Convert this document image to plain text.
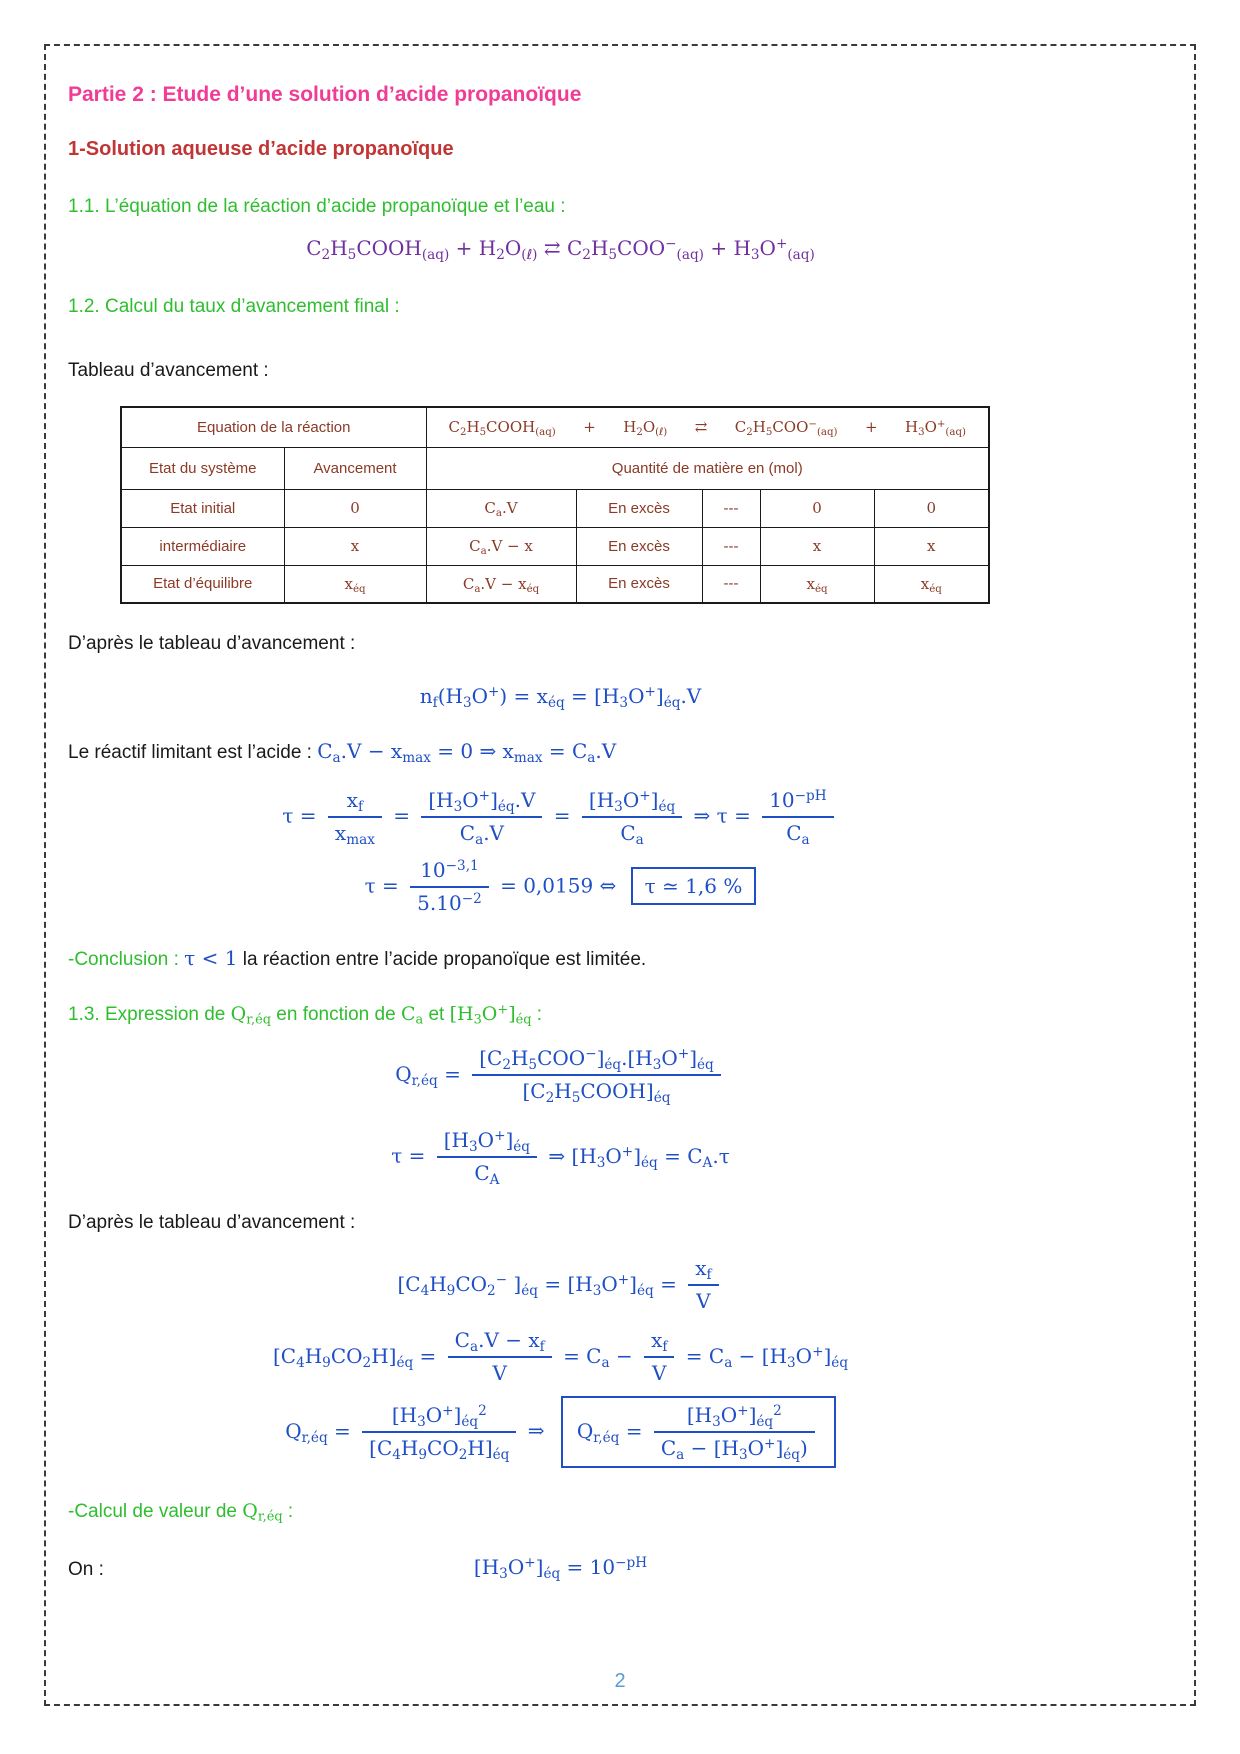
Partie 2 : Etude d’une solution d’acide propanoïque
1-Solution aqueuse d’acide propanoïque
1.1. L’équation de la réaction d’acide propanoïque et l’eau :
$C_2H_5COOH_{(aq)} + H_2O_{(\ell)}$ ⇄ $C_2H_5COO^-_{(aq)} + H_3O^+_{(aq)}$
1.2. Calcul du taux d’avancement final :
Tableau d’avancement :
Equation de la réaction	$C_2H_5COOH_{(aq)} + H_2O_{(\ell)}$ ⇄ $C_2H_5COO^-_{(aq)} + H_3O^+_{(aq)}$

Etat du système	Avancement	Quantité de matière en (mol)				
Etat initial	0	$C_a.V$	En excès	---	0	0
intermédiaire	x	$C_a.V - x$	En excès	---	x	x
Etat d’équilibre	$x_{éq}$	$C_a.V - x_{éq}$	En excès	---	$x_{éq}$	$x_{éq}$
D’après le tableau d’avancement :
$n_f(H_3O^+) = x_{éq} = [H_3O^+]_{éq}.V$
Le réactif limitant est l’acide : $C_a.V - x_{max} = 0$ ⇒ $x_{max} = C_a.V$
$\tau = \frac{x_f}{x_{max}} = \frac{[H_3O^+]_{éq}.V}{C_a.V} = \frac{[H_3O^+]_{éq}}{C_a}$ ⇒ $\tau = \frac{10^{-pH}}{C_a}$
$\tau = \frac{10^{-3,1}}{5.10^{-2}} = 0,0159$ ⇔ τ ≃ 1,6 %
-Conclusion : τ < 1 la réaction entre l’acide propanoïque est limitée.
1.3. Expression de $Q_{r,éq}$ en fonction de $C_a$ et $[H_3O^+]_{éq}$ :
$Q_{r,éq} = \frac{[C_2H_5COO^-]_{éq}.[H_3O^+]_{éq}}{[C_2H_5COOH]_{éq}}$
$\tau = \frac{[H_3O^+]_{éq}}{C_A}$ ⇒ $[H_3O^+]_{éq} = C_A.\tau$
D’après le tableau d’avancement :
[$C_4H_9CO_2^-$ ]$_{éq} = [H_3O^+]_{éq} = \frac{x_f}{V}$
$[C_4H_9CO_2H]_{éq} = \frac{C_a.V - x_f}{V} = C_a - \frac{x_f}{V} = C_a - [H_3O^+]_{éq}$
$Q_{r,éq} = \frac{[H_3O^+]_{éq}^2}{[C_4H_9CO_2H]_{éq}}$ ⇒ $Q_{r,éq} = \frac{[H_3O^+]_{éq}^2}{C_a - [H_3O^+]_{éq})}$
-Calcul de valeur de $Q_{r,éq}$ :
On :	$[H_3O^+]_{éq} = 10^{-pH}$
2
